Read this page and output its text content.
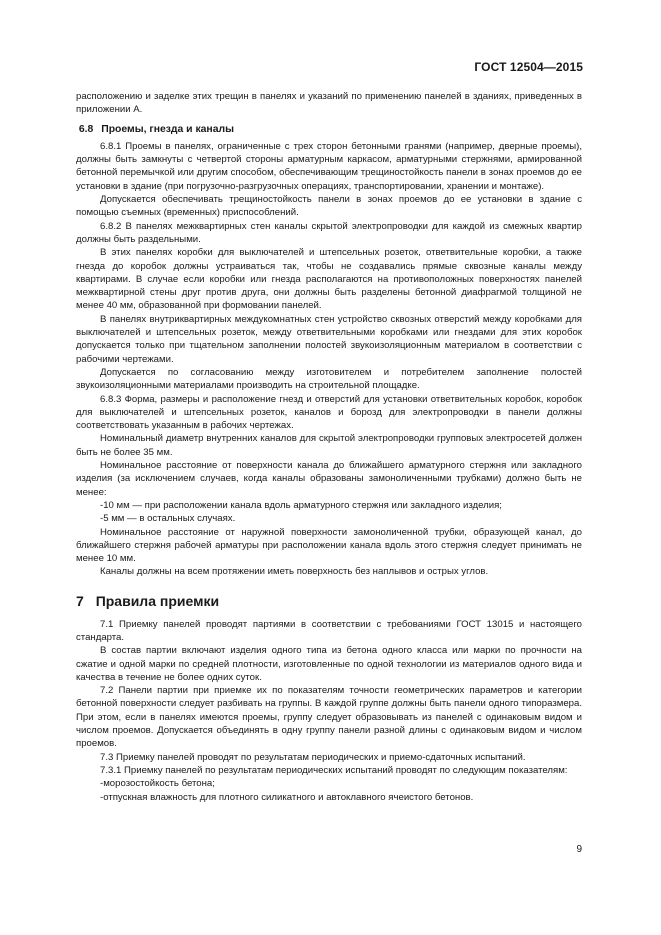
ГОСТ 12504—2015

расположению и заделке этих трещин в панелях и указаний по применению панелей в зданиях, приведенных в приложении А.

6.8 Проемы, гнезда и каналы

6.8.1 Проемы в панелях, ограниченные с трех сторон бетонными гранями (например, дверные проемы), должны быть замкнуты с четвертой стороны арматурным каркасом, арматурными стержнями, армированной бетонной перемычкой или другим способом, обеспечивающим трещиностойкость панели в зонах проемов до ее установки в здание (при погрузочно-разгрузочных операциях, транспортировании, хранении и монтаже).

Допускается обеспечивать трещиностойкость панели в зонах проемов до ее установки в здание с помощью съемных (временных) приспособлений.

6.8.2 В панелях межквартирных стен каналы скрытой электропроводки для каждой из смежных квартир должны быть раздельными.

В этих панелях коробки для выключателей и штепсельных розеток, ответвительные коробки, а также гнезда до коробок должны устраиваться так, чтобы не создавались прямые сквозные каналы между квартирами. В случае если коробки или гнезда располагаются на противоположных поверхностях панелей межквартирной стены друг против друга, они должны быть разделены бетонной диафрагмой толщиной не менее 40 мм, образованной при формовании панелей.

В панелях внутриквартирных междукомнатных стен устройство сквозных отверстий между коробками для выключателей и штепсельных розеток, между ответвительными коробками или гнездами для этих коробок допускается только при тщательном заполнении полостей звукоизоляционным материалом в соответствии с рабочими чертежами.

Допускается по согласованию между изготовителем и потребителем заполнение полостей звукоизоляционными материалами производить на строительной площадке.

6.8.3 Форма, размеры и расположение гнезд и отверстий для установки ответвительных коробок, коробок для выключателей и штепсельных розеток, каналов и борозд для электропроводки в панели должны соответствовать указанным в рабочих чертежах.

Номинальный диаметр внутренних каналов для скрытой электропроводки групповых электросетей должен быть не более 35 мм.

Номинальное расстояние от поверхности канала до ближайшего арматурного стержня или закладного изделия (за исключением случаев, когда каналы образованы замоноличенными трубками) должно быть не менее:

-10 мм — при расположении канала вдоль арматурного стержня или закладного изделия;

-5 мм — в остальных случаях.

Номинальное расстояние от наружной поверхности замоноличенной трубки, образующей канал, до ближайшего стержня рабочей арматуры при расположении канала вдоль этого стержня следует принимать не менее 10 мм.

Каналы должны на всем протяжении иметь поверхность без наплывов и острых углов.

7 Правила приемки

7.1 Приемку панелей проводят партиями в соответствии с требованиями ГОСТ 13015 и настоящего стандарта.

В состав партии включают изделия одного типа из бетона одного класса или марки по прочности на сжатие и одной марки по средней плотности, изготовленные по одной технологии из материалов одного вида и качества в течение не более одних суток.

7.2 Панели партии при приемке их по показателям точности геометрических параметров и категории бетонной поверхности следует разбивать на группы. В каждой группе должны быть панели одного типоразмера. При этом, если в панелях имеются проемы, группу следует образовывать из панелей с одинаковым видом и числом проемов. Допускается объединять в одну группу панели разной длины с одинаковым видом и числом проемов.

7.3 Приемку панелей проводят по результатам периодических и приемо-сдаточных испытаний.

7.3.1 Приемку панелей по результатам периодических испытаний проводят по следующим показателям:

-морозостойкость бетона;

-отпускная влажность для плотного силикатного и автоклавного ячеистого бетонов.

9
